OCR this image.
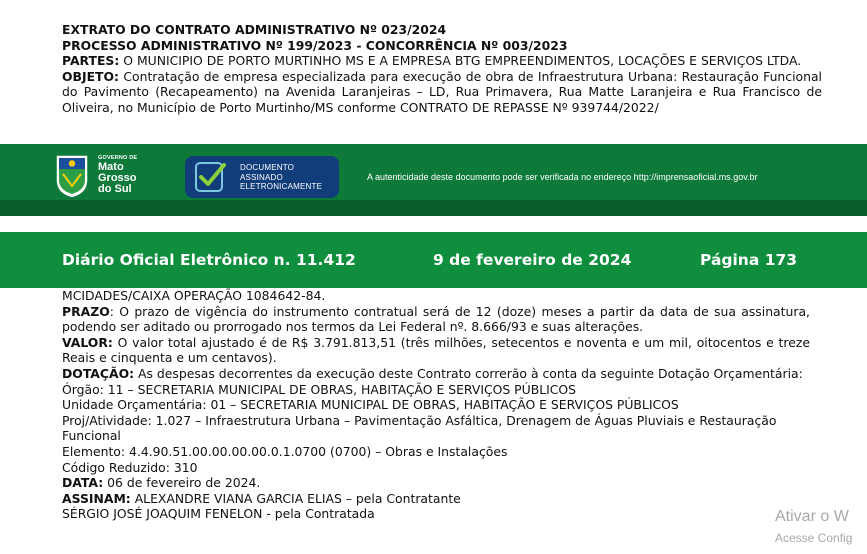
EXTRATO DO CONTRATO ADMINISTRATIVO Nº 023/2024

PROCESSO ADMINISTRATIVO Nº 199/2023 - CONCORRÊNCIA Nº 003/2023

PARTES: O MUNICIPIO DE PORTO MURTINHO MS E A EMPRESA BTG EMPREENDIMENTOS, LOCAÇÕES E SERVIÇOS LTDA.

OBJETO: Contratação de empresa especializada para execução de obra de Infraestrutura Urbana: Restauração Funcional do Pavimento (Recapeamento) na Avenida Laranjeiras – LD, Rua Primavera, Rua Matte Laranjeira e Rua Francisco de Oliveira, no Município de Porto Murtinho/MS conforme CONTRATO DE REPASSE Nº 939744/2022/

GOVERNO DE
Mato
Grosso
do Sul
DOCUMENTO
ASSINADO
ELETRONICAMENTE
A autenticidade deste documento pode ser verificada no endereço http://imprensaoficial.ms.gov.br
Diário Oficial Eletrônico n. 11.412	9 de fevereiro de 2024	Página 173

MCIDADES/CAIXA OPERAÇÃO 1084642-84.

PRAZO: O prazo de vigência do instrumento contratual será de 12 (doze) meses a partir da data de sua assinatura, podendo ser aditado ou prorrogado nos termos da Lei Federal nº. 8.666/93 e suas alterações.

VALOR: O valor total ajustado é de R$ 3.791.813,51 (três milhões, setecentos e noventa e um mil, oitocentos e treze Reais e cinquenta e um centavos).

DOTAÇÃO: As despesas decorrentes da execução deste Contrato correrão à conta da seguinte Dotação Orçamentária:

Órgão: 11 – SECRETARIA MUNICIPAL DE OBRAS, HABITAÇÃO E SERVIÇOS PÚBLICOS

Unidade Orçamentária: 01 – SECRETARIA MUNICIPAL DE OBRAS, HABITAÇÃO E SERVIÇOS PÚBLICOS

Proj/Atividade: 1.027 – Infraestrutura Urbana – Pavimentação Asfáltica, Drenagem de Águas Pluviais e Restauração Funcional

Elemento: 4.4.90.51.00.00.00.00.0.1.0700 (0700) – Obras e Instalações

Código Reduzido: 310

DATA: 06 de fevereiro de 2024.

ASSINAM: ALEXANDRE VIANA GARCIA ELIAS – pela Contratante

SÉRGIO JOSÉ JOAQUIM FENELON - pela Contratada	Ativar o W
Acesse Config
